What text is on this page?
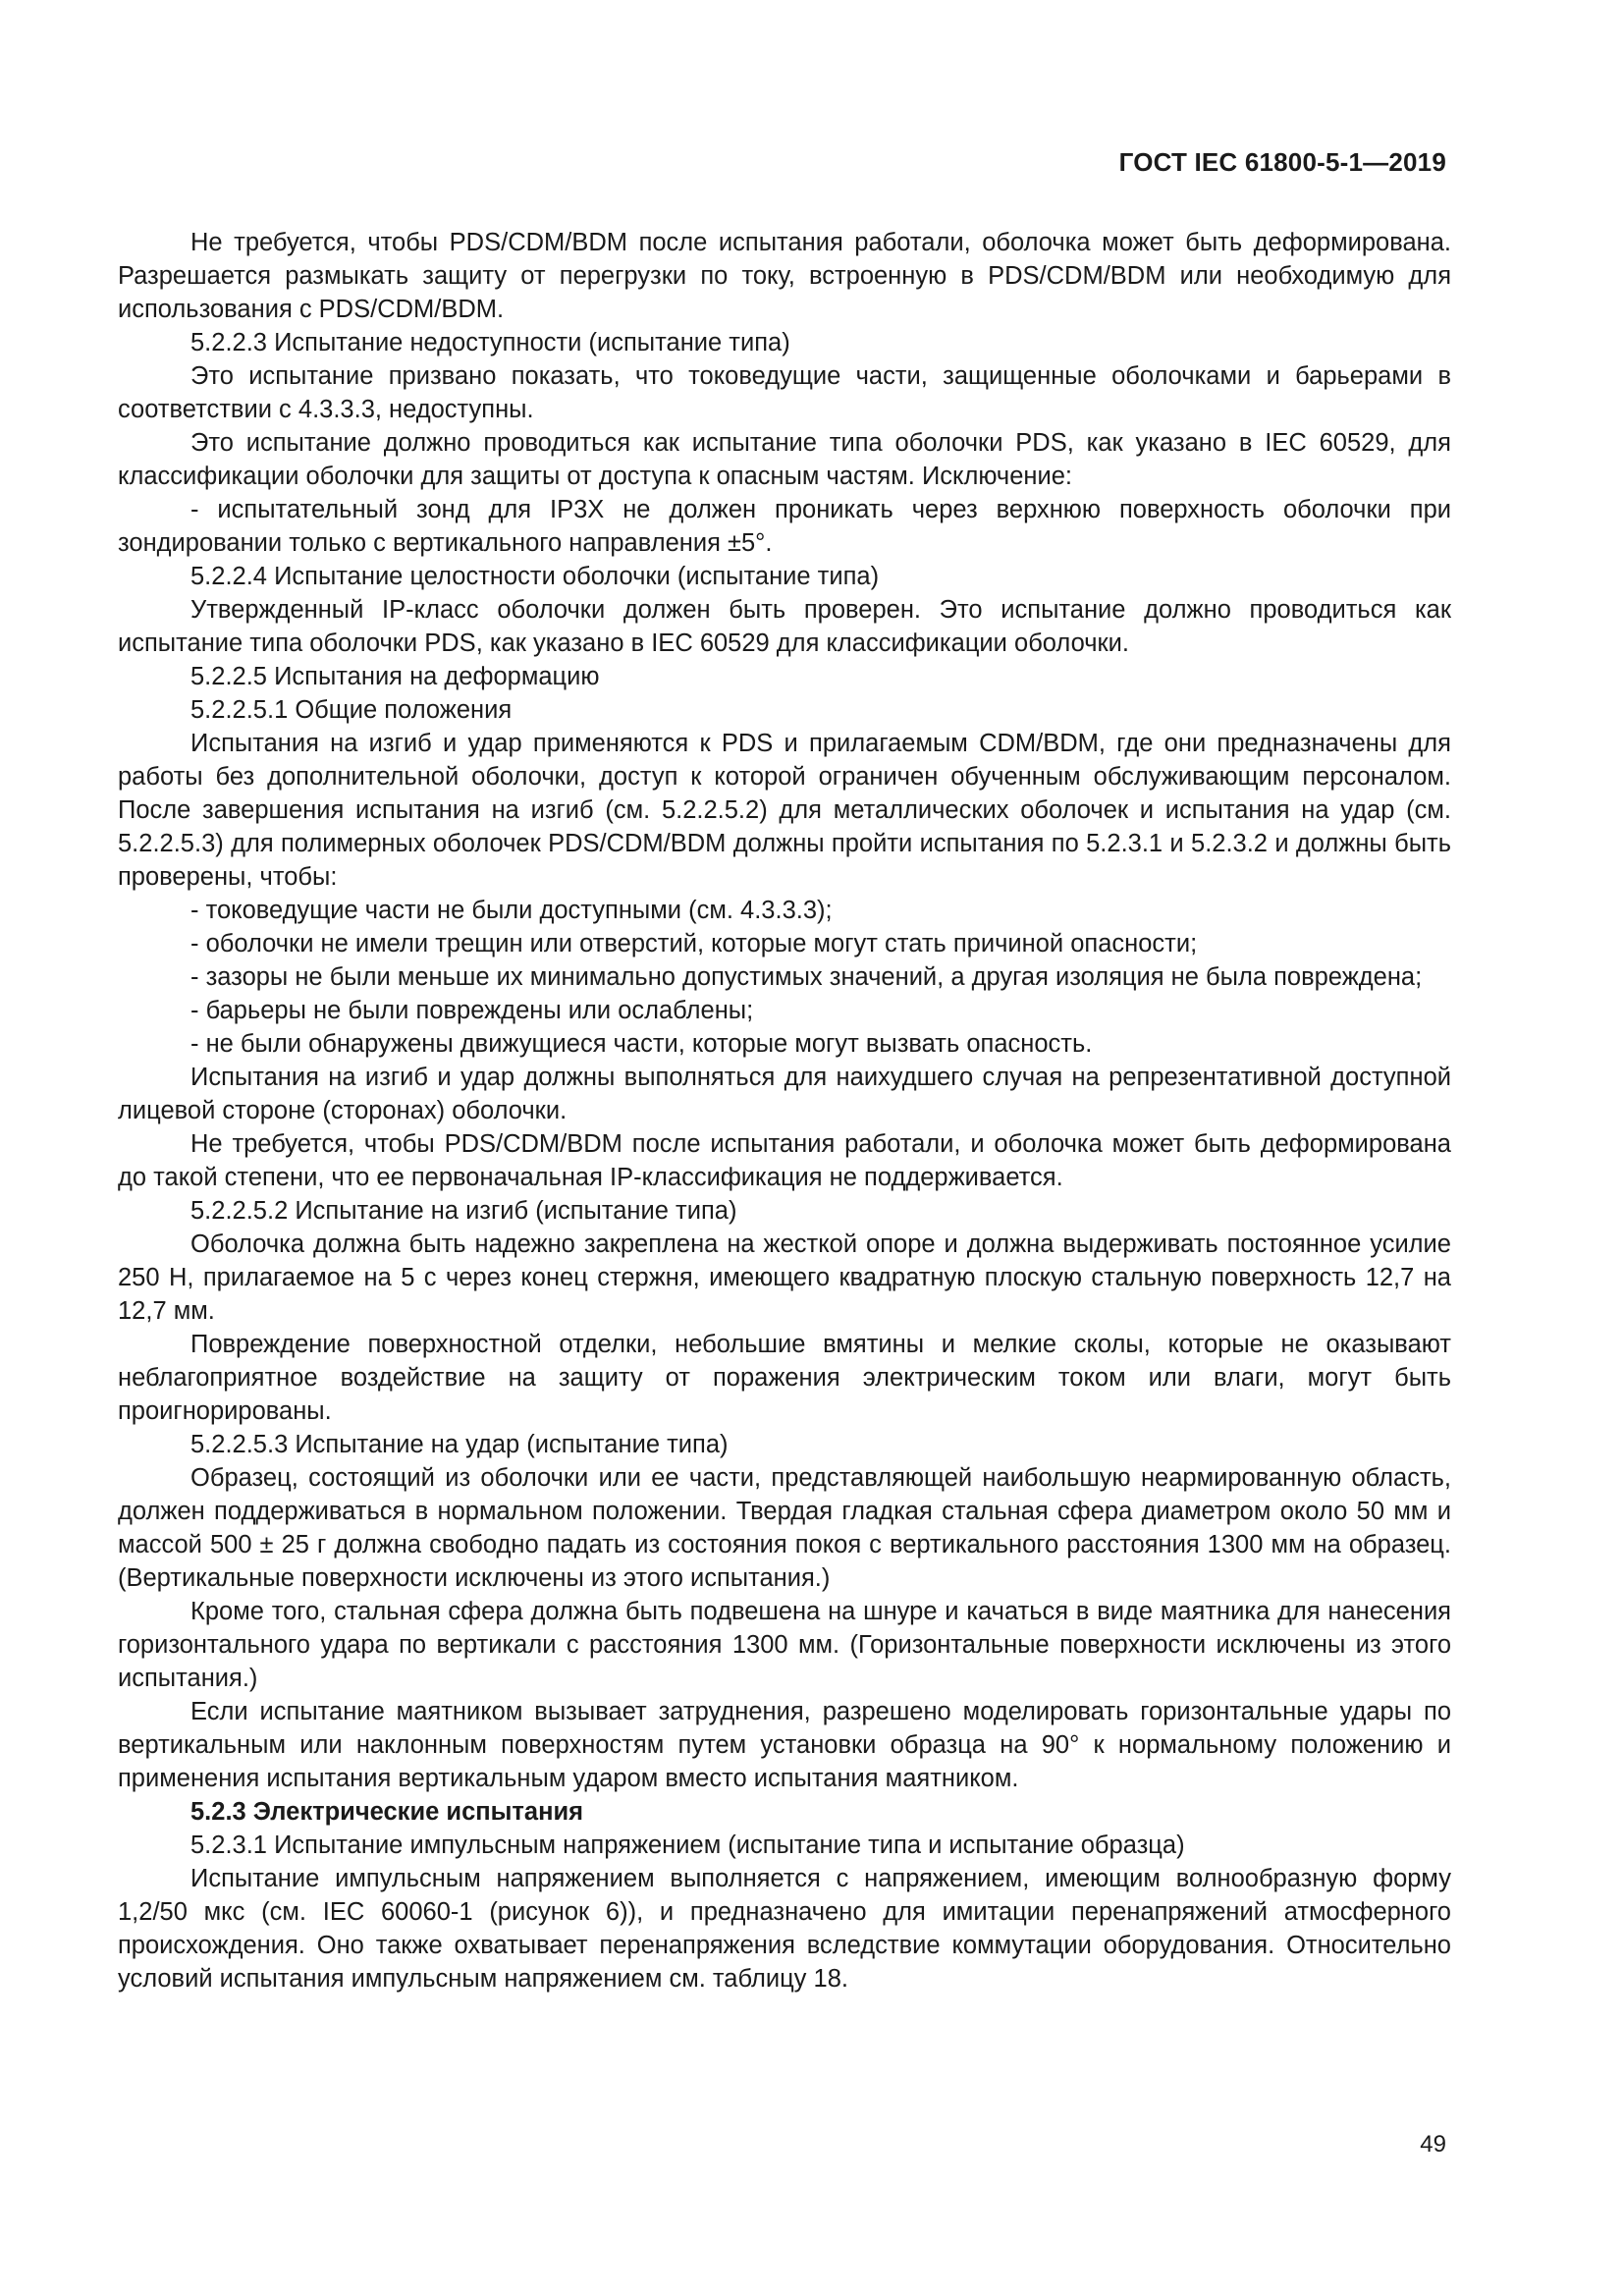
ГОСТ IEC 61800-5-1—2019

Не требуется, чтобы PDS/CDM/BDM после испытания работали, оболочка может быть деформирована. Разрешается размыкать защиту от перегрузки по току, встроенную в PDS/CDM/BDM или необходимую для использования с PDS/CDM/BDM.

5.2.2.3 Испытание недоступности (испытание типа)

Это испытание призвано показать, что токоведущие части, защищенные оболочками и барьерами в соответствии с 4.3.3.3, недоступны.

Это испытание должно проводиться как испытание типа оболочки PDS, как указано в IEC 60529, для классификации оболочки для защиты от доступа к опасным частям. Исключение:

- испытательный зонд для IP3X не должен проникать через верхнюю поверхность оболочки при зондировании только с вертикального направления ±5°.

5.2.2.4 Испытание целостности оболочки (испытание типа)

Утвержденный IP-класс оболочки должен быть проверен. Это испытание должно проводиться как испытание типа оболочки PDS, как указано в IEC 60529 для классификации оболочки.

5.2.2.5 Испытания на деформацию

5.2.2.5.1 Общие положения

Испытания на изгиб и удар применяются к PDS и прилагаемым CDM/BDM, где они предназначены для работы без дополнительной оболочки, доступ к которой ограничен обученным обслуживающим персоналом. После завершения испытания на изгиб (см. 5.2.2.5.2) для металлических оболочек и испытания на удар (см. 5.2.2.5.3) для полимерных оболочек PDS/CDM/BDM должны пройти испытания по 5.2.3.1 и 5.2.3.2 и должны быть проверены, чтобы:

- токоведущие части не были доступными (см. 4.3.3.3);

- оболочки не имели трещин или отверстий, которые могут стать причиной опасности;

- зазоры не были меньше их минимально допустимых значений, а другая изоляция не была повреждена;

- барьеры не были повреждены или ослаблены;

- не были обнаружены движущиеся части, которые могут вызвать опасность.

Испытания на изгиб и удар должны выполняться для наихудшего случая на репрезентативной доступной лицевой стороне (сторонах) оболочки.

Не требуется, чтобы PDS/CDM/BDM после испытания работали, и оболочка может быть деформирована до такой степени, что ее первоначальная IP-классификация не поддерживается.

5.2.2.5.2 Испытание на изгиб (испытание типа)

Оболочка должна быть надежно закреплена на жесткой опоре и должна выдерживать постоянное усилие 250 Н, прилагаемое на 5 с через конец стержня, имеющего квадратную плоскую стальную поверхность 12,7 на 12,7 мм.

Повреждение поверхностной отделки, небольшие вмятины и мелкие сколы, которые не оказывают неблагоприятное воздействие на защиту от поражения электрическим током или влаги, могут быть проигнорированы.

5.2.2.5.3 Испытание на удар (испытание типа)

Образец, состоящий из оболочки или ее части, представляющей наибольшую неармированную область, должен поддерживаться в нормальном положении. Твердая гладкая стальная сфера диаметром около 50 мм и массой 500 ± 25 г должна свободно падать из состояния покоя с вертикального расстояния 1300 мм на образец. (Вертикальные поверхности исключены из этого испытания.)

Кроме того, стальная сфера должна быть подвешена на шнуре и качаться в виде маятника для нанесения горизонтального удара по вертикали с расстояния 1300 мм. (Горизонтальные поверхности исключены из этого испытания.)

Если испытание маятником вызывает затруднения, разрешено моделировать горизонтальные удары по вертикальным или наклонным поверхностям путем установки образца на 90° к нормальному положению и применения испытания вертикальным ударом вместо испытания маятником.

5.2.3 Электрические испытания

5.2.3.1 Испытание импульсным напряжением (испытание типа и испытание образца)

Испытание импульсным напряжением выполняется с напряжением, имеющим волнообразную форму 1,2/50 мкс (см. IEC 60060-1 (рисунок 6)), и предназначено для имитации перенапряжений атмосферного происхождения. Оно также охватывает перенапряжения вследствие коммутации оборудования. Относительно условий испытания импульсным напряжением см. таблицу 18.

49
